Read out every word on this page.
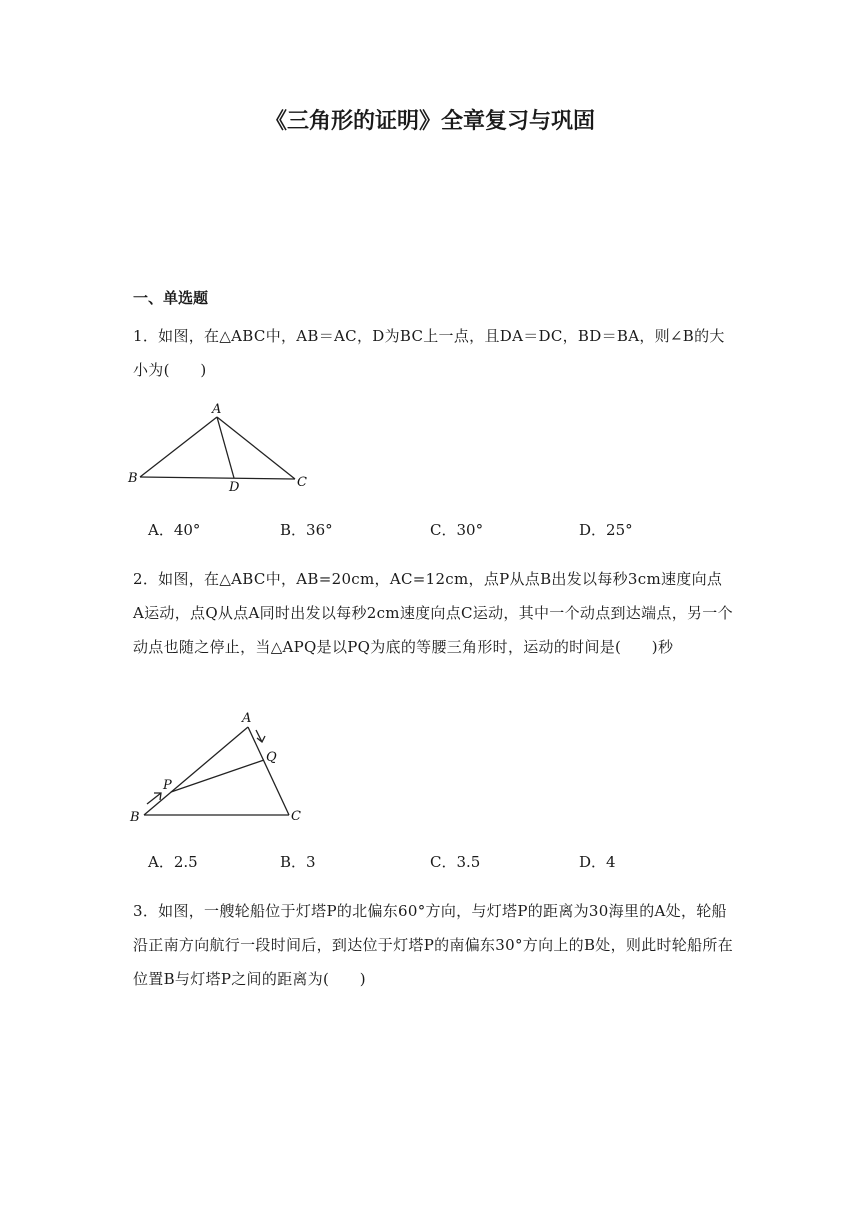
《三角形的证明》全章复习与巩固
一、单选题
1．如图，在△ABC中，AB＝AC，D为BC上一点，且DA＝DC，BD＝BA，则∠B的大小为(　　)
A
B	C
D
A．40°	B．36°	C．30°	D．25°
2．如图，在△ABC中，AB=20cm，AC=12cm，点P从点B出发以每秒3cm速度向点A运动，点Q从点A同时出发以每秒2cm速度向点C运动，其中一个动点到达端点，另一个动点也随之停止，当△APQ是以PQ为底的等腰三角形时，运动的时间是(　　)秒
A
B	C
P
Q
A．2.5	B．3	C．3.5	D．4
3．如图，一艘轮船位于灯塔P的北偏东60°方向，与灯塔P的距离为30海里的A处，轮船沿正南方向航行一段时间后，到达位于灯塔P的南偏东30°方向上的B处，则此时轮船所在位置B与灯塔P之间的距离为(　　)
